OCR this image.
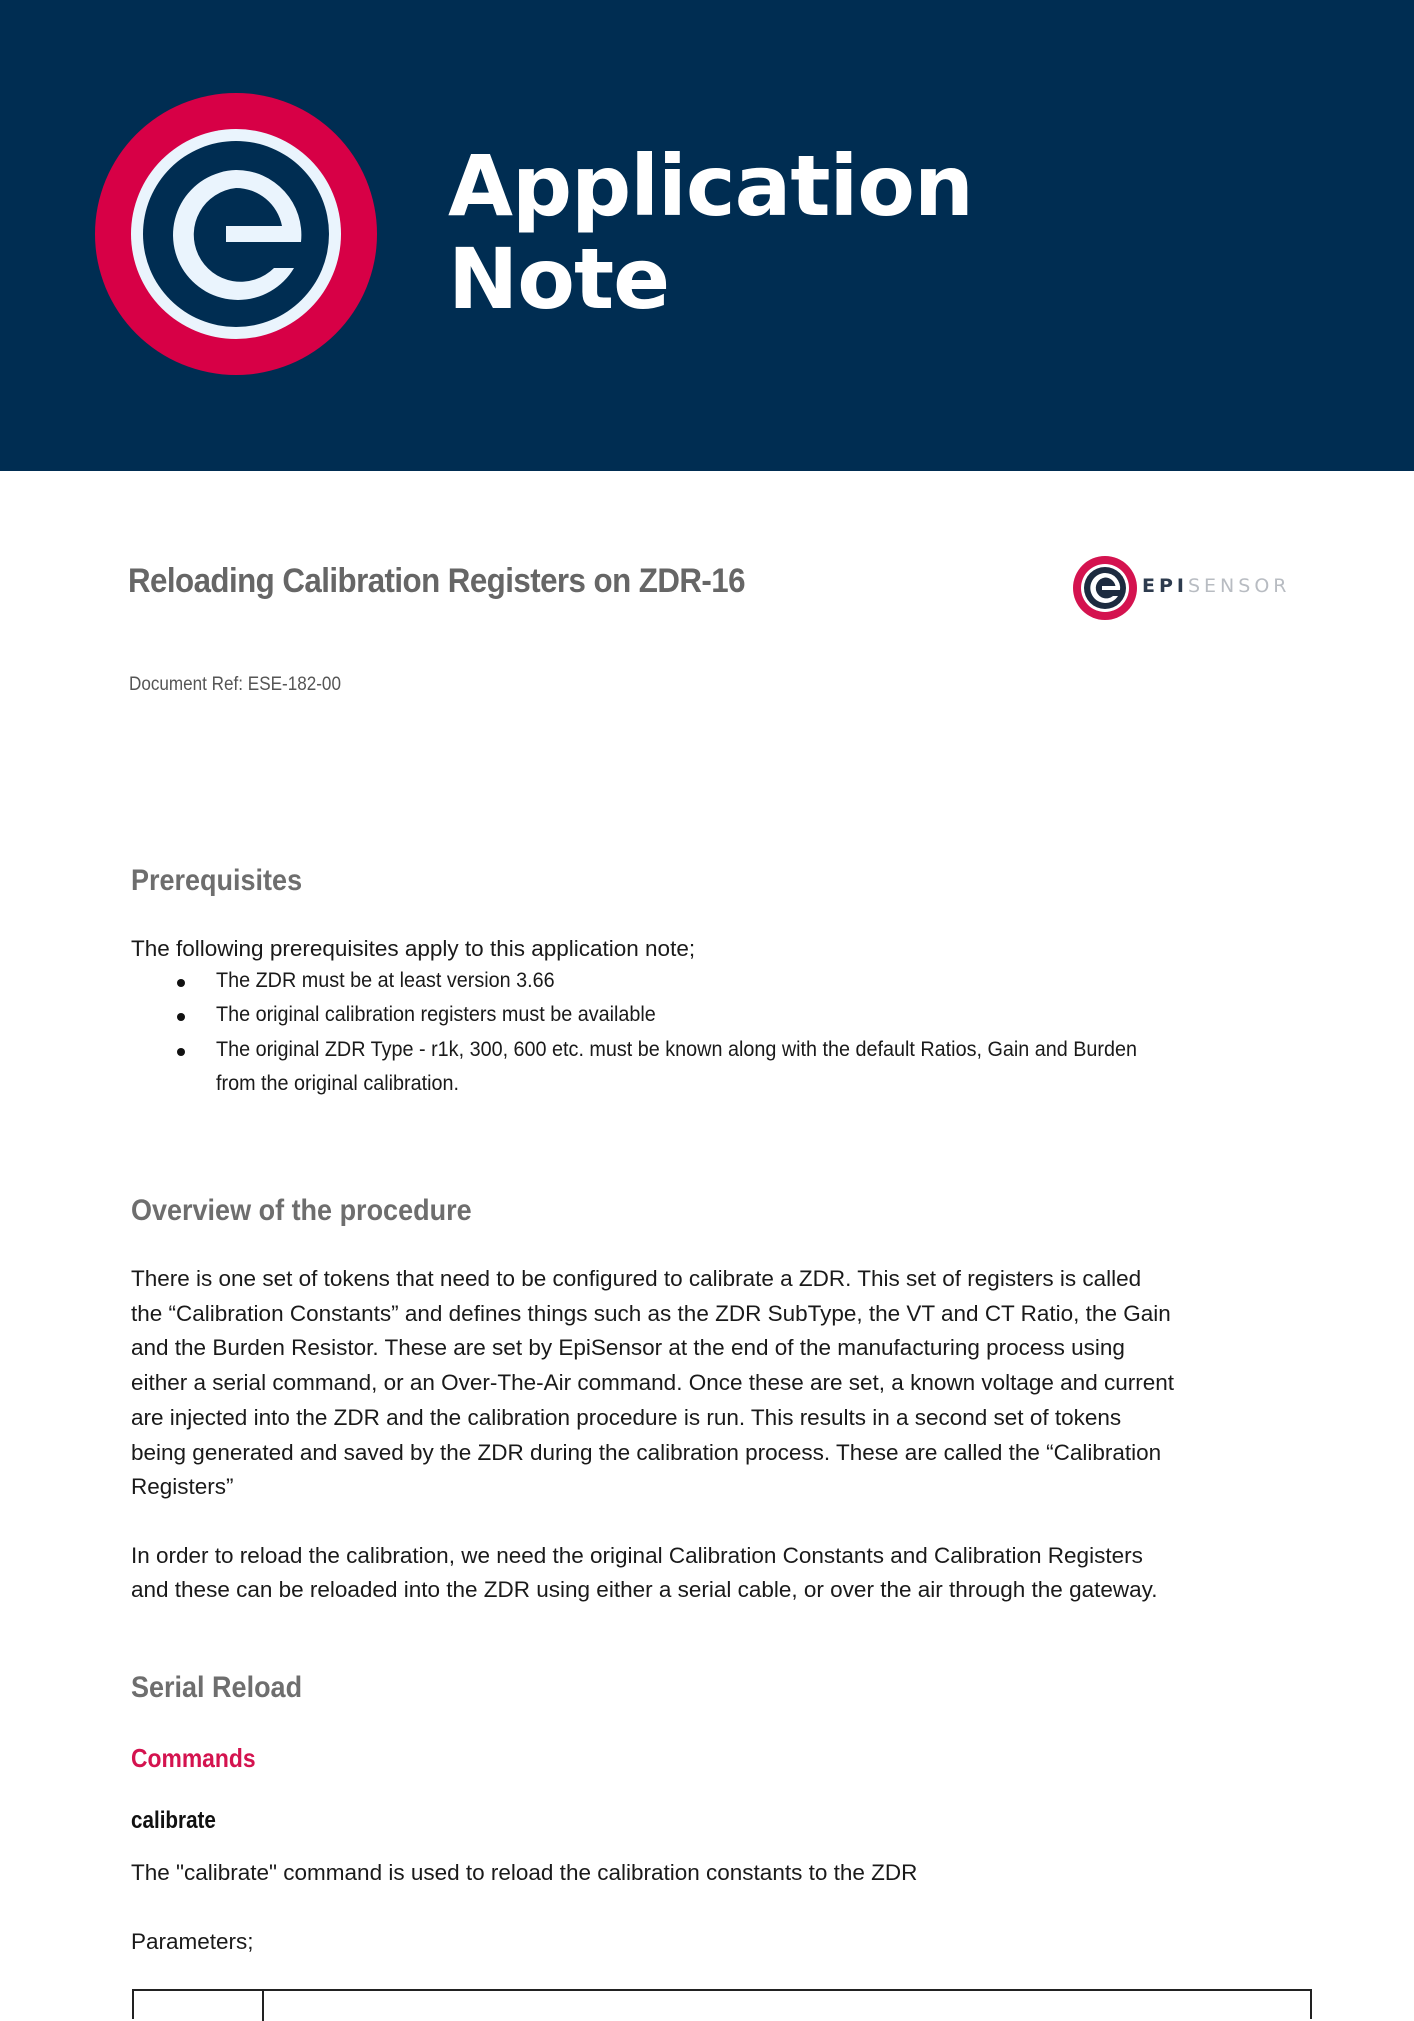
Application
Note
Reloading Calibration Registers on ZDR-16	EPISENSOR
Document Ref: ESE-182-00
Prerequisites
The following prerequisites apply to this application note;
The ZDR must be at least version 3.66
The original calibration registers must be available
The original ZDR Type - r1k, 300, 600 etc. must be known along with the default Ratios, Gain and Burden
from the original calibration.
Overview of the procedure
There is one set of tokens that need to be configured to calibrate a ZDR. This set of registers is called
the “Calibration Constants” and defines things such as the ZDR SubType, the VT and CT Ratio, the Gain
and the Burden Resistor. These are set by EpiSensor at the end of the manufacturing process using
either a serial command, or an Over-The-Air command. Once these are set, a known voltage and current
are injected into the ZDR and the calibration procedure is run. This results in a second set of tokens
being generated and saved by the ZDR during the calibration process. These are called the “Calibration
Registers”
In order to reload the calibration, we need the original Calibration Constants and Calibration Registers
and these can be reloaded into the ZDR using either a serial cable, or over the air through the gateway.
Serial Reload
Commands
calibrate
The "calibrate" command is used to reload the calibration constants to the ZDR
Parameters;
